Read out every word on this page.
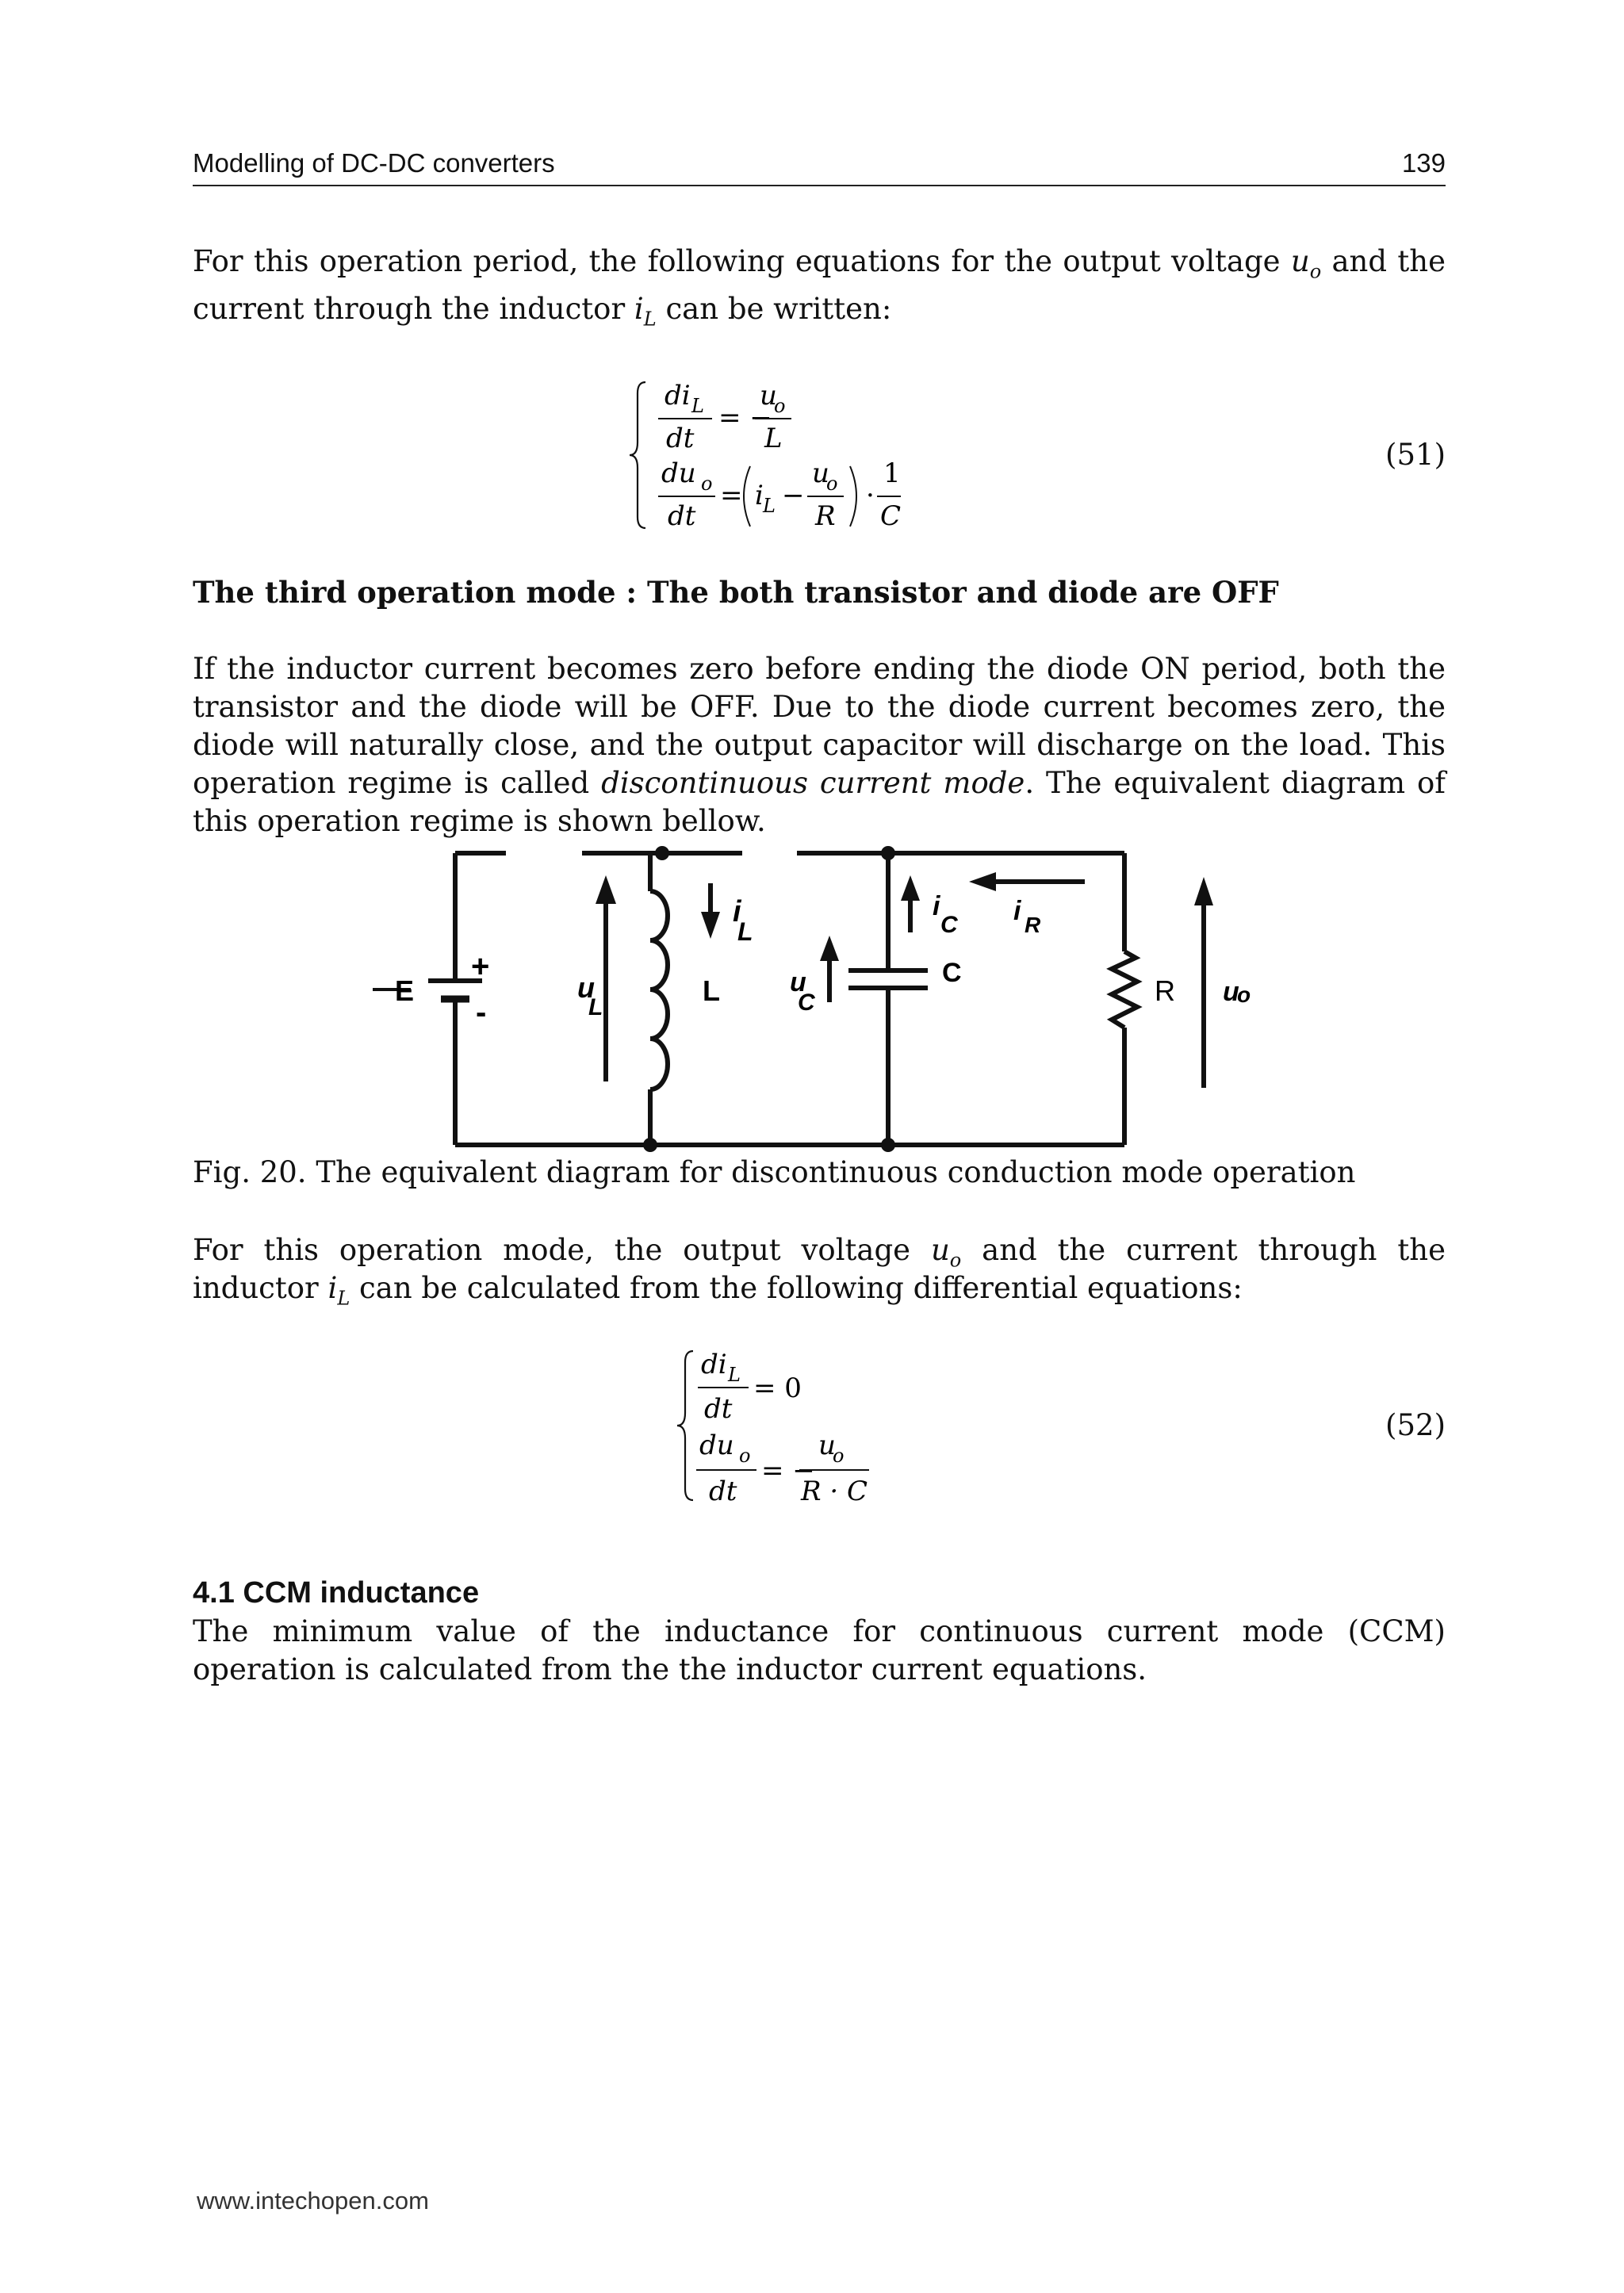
Modelling of DC-DC converters	139
For this operation period, the following equations for the output voltage $u_o$ and the current through the inductor $i_L$ can be written:
di L
dt
= −
u
o
L
du o
dt
= i L −
u
o
R
·
1
C
(51)
The third operation mode : The both transistor and diode are OFF
If the inductor current becomes zero before ending the diode ON period, both the transistor and the diode will be OFF. Due to the diode current becomes zero, the diode will naturally close, and the output capacitor will discharge on the load. This operation regime is called discontinuous current mode. The equivalent diagram of this operation regime is shown bellow.
E
+
-
u
L
L
i
L
u
C
C
i
C i R
R u
o
Fig. 20. The equivalent diagram for discontinuous conduction mode operation
For this operation mode, the output voltage $u_o$ and the current through the inductor $i_L$ can be calculated from the following differential equations:
di L
dt
= 0
du o
dt
= −
u
o
R · C
(52)
4.1 CCM inductance
The minimum value of the inductance for continuous current mode (CCM) operation is calculated from the the inductor current equations.
www.intechopen.com
